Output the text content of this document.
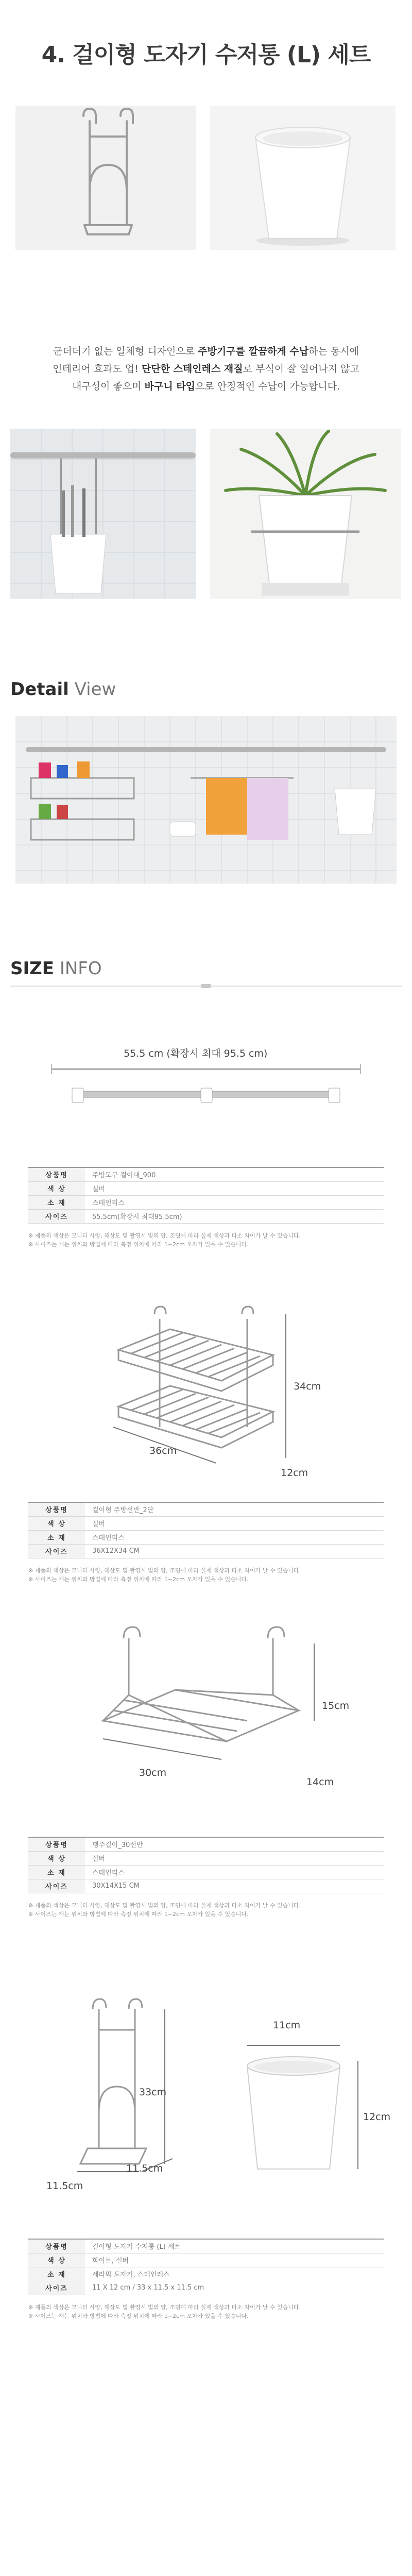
4. 걸이형 도자기 수저통 (L) 세트
군더더기 없는 일체형 디자인으로 주방기구를 깔끔하게 수납하는 동시에
인테리어 효과도 업! 단단한 스테인레스 재질로 부식이 잘 일어나지 않고
내구성이 좋으며 바구니 타입으로 안정적인 수납이 가능합니다.
Detail View
SIZE INFO
55.5 cm (확장시 최대 95.5 cm)
상품명	주방도구 걸이대_900
색 상	실버
소 재	스테인리스
사이즈	55.5cm(확장시 최대95.5cm)
※ 제품의 색상은 모니터 사양, 해상도 및 촬영시 빛의 양, 조명에 따라 실제 색상과 다소 차이가 날 수 있습니다.
※ 사이즈는 재는 위치와 방법에 따라 측정 위치에 따라 1~2cm 오차가 있을 수 있습니다.
34cm
36cm
12cm
상품명	걸이형 주방선반_2단
색 상	실버
소 재	스테인리스
사이즈	36X12X34 CM
※ 제품의 색상은 모니터 사양, 해상도 및 촬영시 빛의 양, 조명에 따라 실제 색상과 다소 차이가 날 수 있습니다.
※ 사이즈는 재는 위치와 방법에 따라 측정 위치에 따라 1~2cm 오차가 있을 수 있습니다.
15cm
30cm
14cm
상품명	행주걸이_30선반
색 상	실버
소 재	스테인리스
사이즈	30X14X15 CM
※ 제품의 색상은 모니터 사양, 해상도 및 촬영시 빛의 양, 조명에 따라 실제 색상과 다소 차이가 날 수 있습니다.
※ 사이즈는 재는 위치와 방법에 따라 측정 위치에 따라 1~2cm 오차가 있을 수 있습니다.
33cm
11.5cm
11.5cm
11cm
12cm
상품명	걸이형 도자기 수저통 (L) 세트
색 상	화이트, 실버
소 재	세라믹 도자기, 스테인레스
사이즈	11 X 12 cm / 33 x 11.5 x 11.5 cm
※ 제품의 색상은 모니터 사양, 해상도 및 촬영시 빛의 양, 조명에 따라 실제 색상과 다소 차이가 날 수 있습니다.
※ 사이즈는 재는 위치와 방법에 따라 측정 위치에 따라 1~2cm 오차가 있을 수 있습니다.
